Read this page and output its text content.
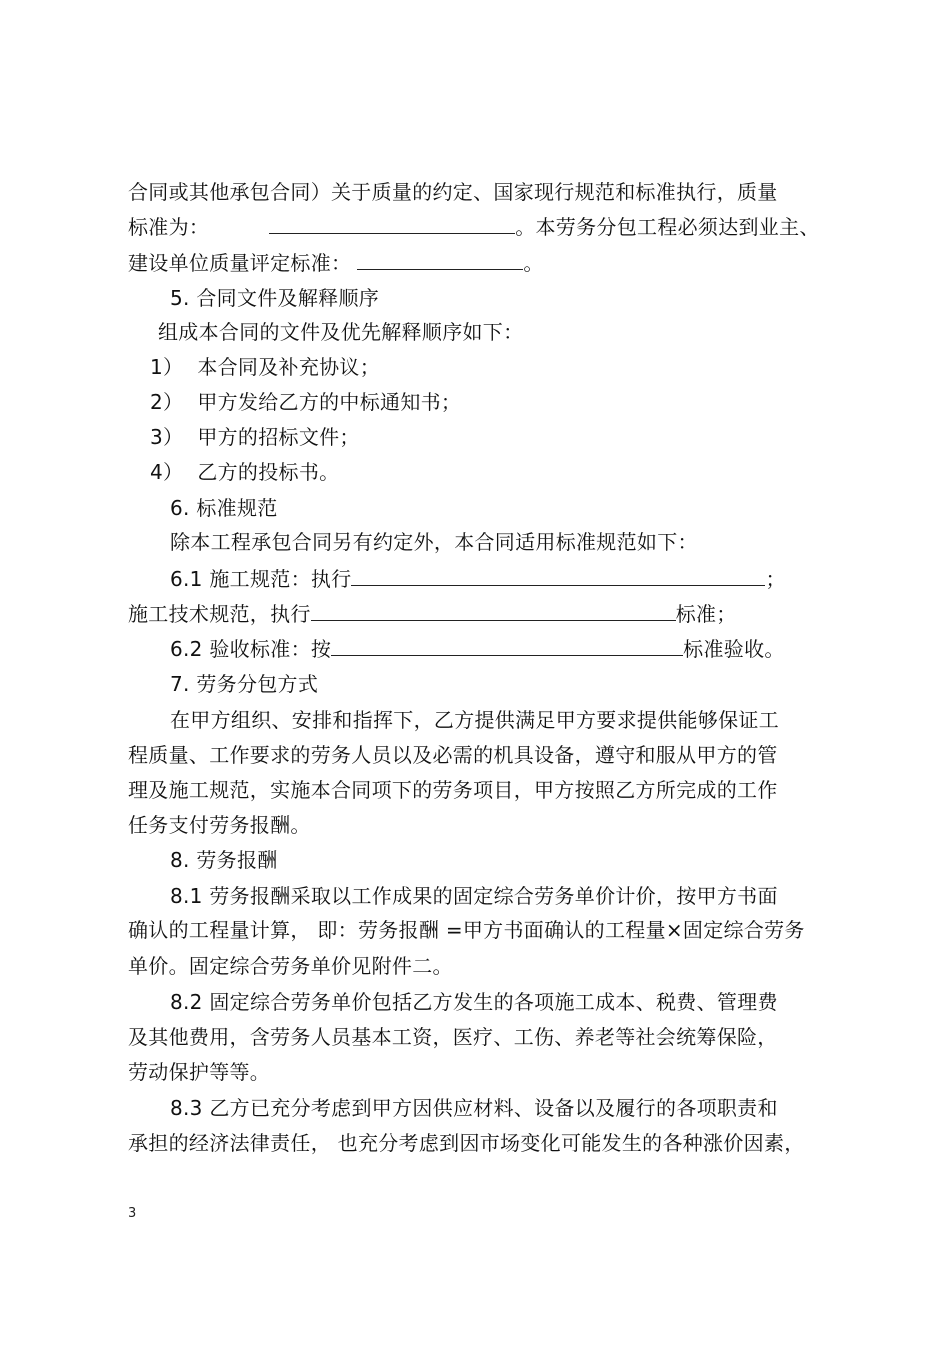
合同或其他承包合同）关于质量的约定、国家现行规范和标准执行，质量
标准为：	。本劳务分包工程必须达到业主、
建设单位质量评定标准：	。
5. 合同文件及解释顺序
组成本合同的文件及优先解释顺序如下：
1） 本合同及补充协议；
2） 甲方发给乙方的中标通知书；
3） 甲方的招标文件；
4） 乙方的投标书。
6. 标准规范
除本工程承包合同另有约定外，本合同适用标准规范如下：
6.1 施工规范：执行	；
施工技术规范，执行	标准；
6.2 验收标准：按	标准验收。
7. 劳务分包方式
在甲方组织、安排和指挥下，乙方提供满足甲方要求提供能够保证工
程质量、工作要求的劳务人员以及必需的机具设备，遵守和服从甲方的管
理及施工规范，实施本合同项下的劳务项目，甲方按照乙方所完成的工作
任务支付劳务报酬。
8. 劳务报酬
8.1 劳务报酬采取以工作成果的固定综合劳务单价计价，按甲方书面
确认的工程量计算， 即：劳务报酬 =甲方书面确认的工程量×固定综合劳务
单价。固定综合劳务单价见附件二。
8.2 固定综合劳务单价包括乙方发生的各项施工成本、税费、管理费
及其他费用，含劳务人员基本工资，医疗、工伤、养老等社会统筹保险，
劳动保护等等。
8.3 乙方已充分考虑到甲方因供应材料、设备以及履行的各项职责和
承担的经济法律责任， 也充分考虑到因市场变化可能发生的各种涨价因素，
3
